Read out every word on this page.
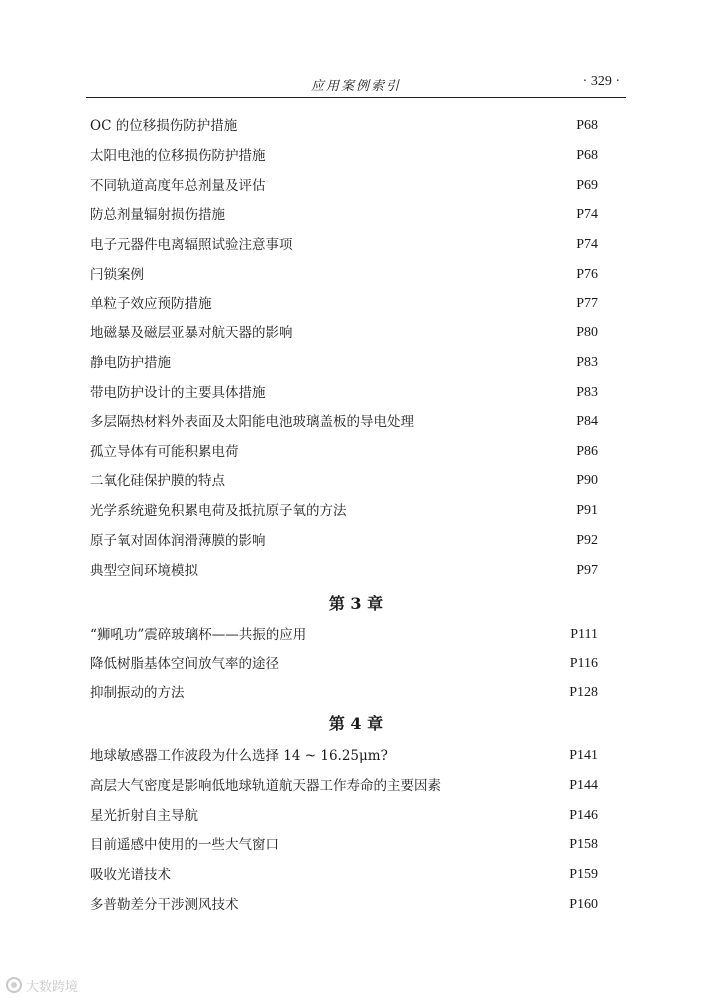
应用案例索引	· 329 ·
OC 的位移损伤防护措施	P68
太阳电池的位移损伤防护措施	P68
不同轨道高度年总剂量及评估	P69
防总剂量辐射损伤措施	P74
电子元器件电离辐照试验注意事项	P74
闩锁案例	P76
单粒子效应预防措施	P77
地磁暴及磁层亚暴对航天器的影响	P80
静电防护措施	P83
带电防护设计的主要具体措施	P83
多层隔热材料外表面及太阳能电池玻璃盖板的导电处理	P84
孤立导体有可能积累电荷	P86
二氧化硅保护膜的特点	P90
光学系统避免积累电荷及抵抗原子氧的方法	P91
原子氧对固体润滑薄膜的影响	P92
典型空间环境模拟	P97
第 3 章
“狮吼功”震碎玻璃杯——共振的应用	P111
降低树脂基体空间放气率的途径	P116
抑制振动的方法	P128
第 4 章
地球敏感器工作波段为什么选择 14 ~ 16.25μm?	P141
高层大气密度是影响低地球轨道航天器工作寿命的主要因素	P144
星光折射自主导航	P146
目前遥感中使用的一些大气窗口	P158
吸收光谱技术	P159
多普勒差分干涉测风技术	P160
大数跨境
